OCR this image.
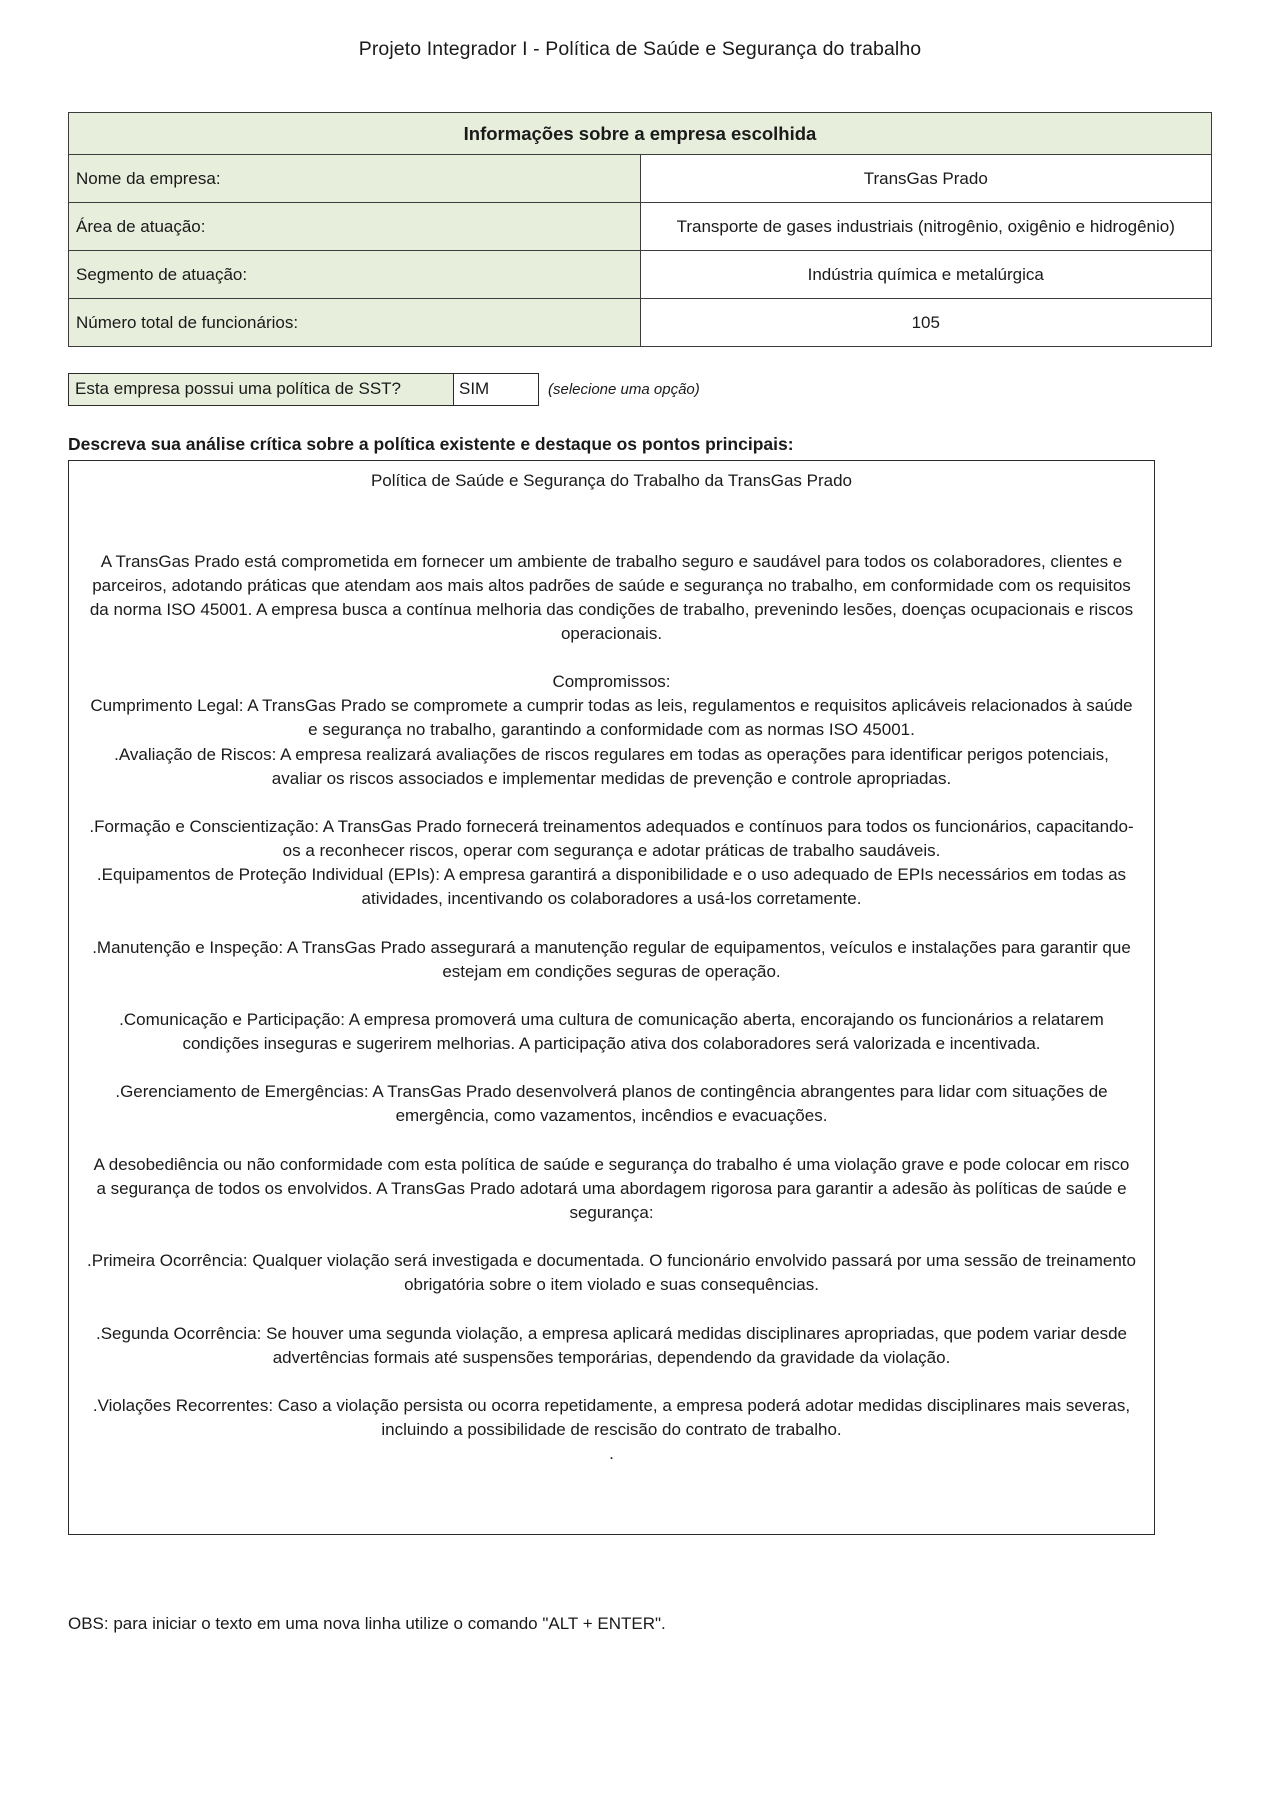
Projeto Integrador I - Política de Saúde e Segurança do trabalho
Informações sobre a empresa escolhida	
Nome da empresa:	TransGas Prado
Área de atuação:	Transporte de gases industriais (nitrogênio, oxigênio e hidrogênio)
Segmento de atuação:	Indústria química e metalúrgica
Número total de funcionários:	105
Esta empresa possui uma política de SST?	SIM	(selecione uma opção)
Descreva sua análise crítica sobre a política existente e destaque os pontos principais:

Política de Saúde e Segurança do Trabalho da TransGas Prado

A TransGas Prado está comprometida em fornecer um ambiente de trabalho seguro e saudável para todos os colaboradores, clientes e parceiros, adotando práticas que atendam aos mais altos padrões de saúde e segurança no trabalho, em conformidade com os requisitos da norma ISO 45001. A empresa busca a contínua melhoria das condições de trabalho, prevenindo lesões, doenças ocupacionais e riscos operacionais.

Compromissos:

Cumprimento Legal: A TransGas Prado se compromete a cumprir todas as leis, regulamentos e requisitos aplicáveis relacionados à saúde e segurança no trabalho, garantindo a conformidade com as normas ISO 45001.

.Avaliação de Riscos: A empresa realizará avaliações de riscos regulares em todas as operações para identificar perigos potenciais, avaliar os riscos associados e implementar medidas de prevenção e controle apropriadas.

.Formação e Conscientização: A TransGas Prado fornecerá treinamentos adequados e contínuos para todos os funcionários, capacitando-os a reconhecer riscos, operar com segurança e adotar práticas de trabalho saudáveis.

.Equipamentos de Proteção Individual (EPIs): A empresa garantirá a disponibilidade e o uso adequado de EPIs necessários em todas as atividades, incentivando os colaboradores a usá-los corretamente.

.Manutenção e Inspeção: A TransGas Prado assegurará a manutenção regular de equipamentos, veículos e instalações para garantir que estejam em condições seguras de operação.

.Comunicação e Participação: A empresa promoverá uma cultura de comunicação aberta, encorajando os funcionários a relatarem condições inseguras e sugerirem melhorias. A participação ativa dos colaboradores será valorizada e incentivada.

.Gerenciamento de Emergências: A TransGas Prado desenvolverá planos de contingência abrangentes para lidar com situações de emergência, como vazamentos, incêndios e evacuações.

A desobediência ou não conformidade com esta política de saúde e segurança do trabalho é uma violação grave e pode colocar em risco a segurança de todos os envolvidos. A TransGas Prado adotará uma abordagem rigorosa para garantir a adesão às políticas de saúde e segurança:

.Primeira Ocorrência: Qualquer violação será investigada e documentada. O funcionário envolvido passará por uma sessão de treinamento obrigatória sobre o item violado e suas consequências.

.Segunda Ocorrência: Se houver uma segunda violação, a empresa aplicará medidas disciplinares apropriadas, que podem variar desde advertências formais até suspensões temporárias, dependendo da gravidade da violação.

.Violações Recorrentes: Caso a violação persista ou ocorra repetidamente, a empresa poderá adotar medidas disciplinares mais severas, incluindo a possibilidade de rescisão do contrato de trabalho.

.

OBS: para iniciar o texto em uma nova linha utilize o comando "ALT + ENTER".
